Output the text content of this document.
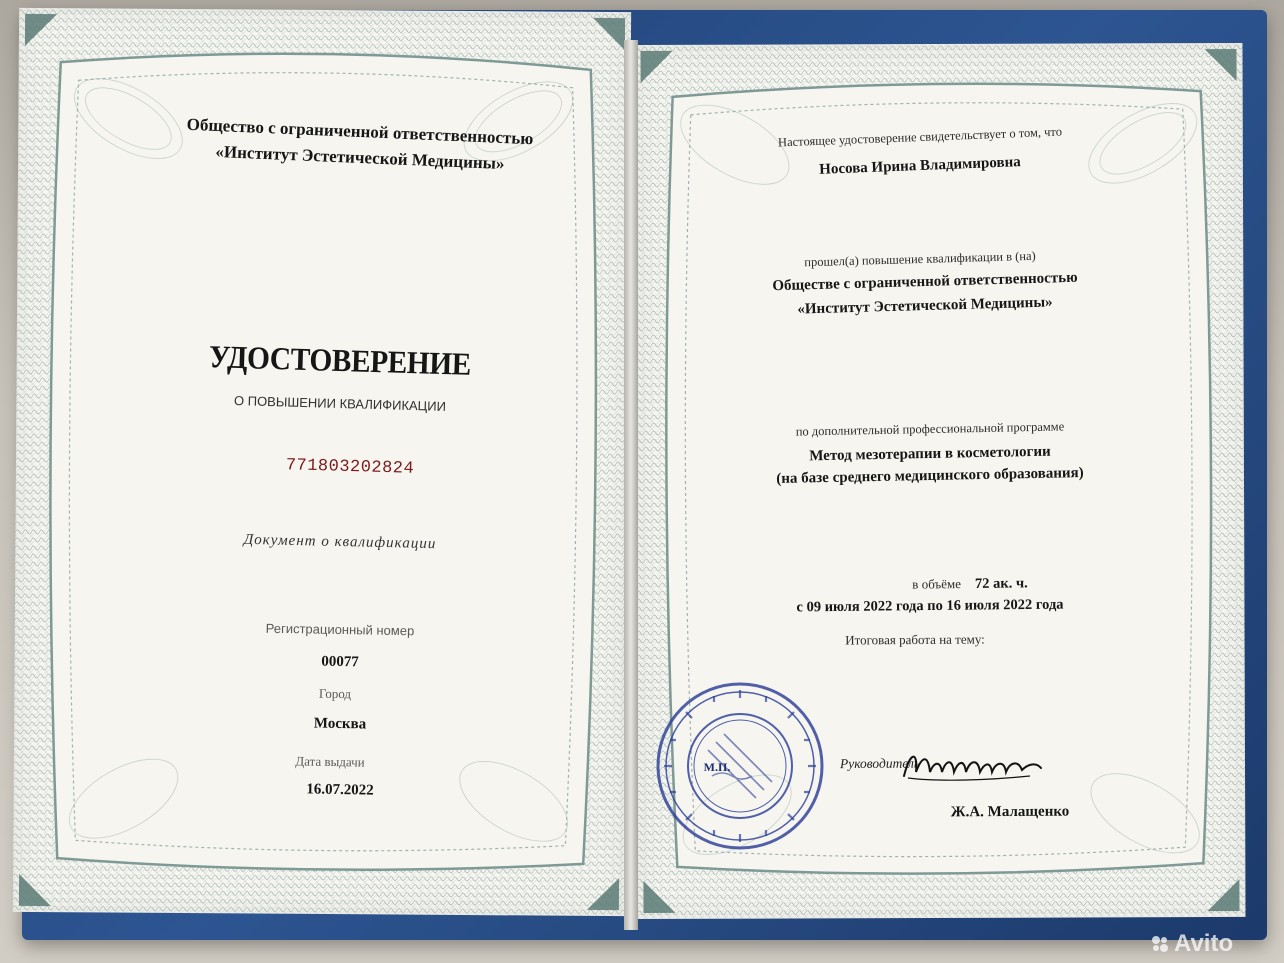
Общество с ограниченной ответственностью
«Институт Эстетической Медицины»
УДОСТОВЕРЕНИЕ
О ПОВЫШЕНИИ КВАЛИФИКАЦИИ
771803202824
Документ о квалификации
Регистрационный номер
00077
Город
Москва
Дата выдачи
16.07.2022
Настоящее удостоверение свидетельствует о том, что
Носова Ирина Владимировна
прошел(а) повышение квалификации в (на)
Обществе с ограниченной ответственностью
«Институт Эстетической Медицины»
по дополнительной профессиональной программе
Метод мезотерапии в косметологии
(на базе среднего медицинского образования)
в объёме 72 ак. ч.
с 09 июля 2022 года по 16 июля 2022 года
Итоговая работа на тему:
М.П.	Руководитель
Ж.А. Малащенко
Avito
